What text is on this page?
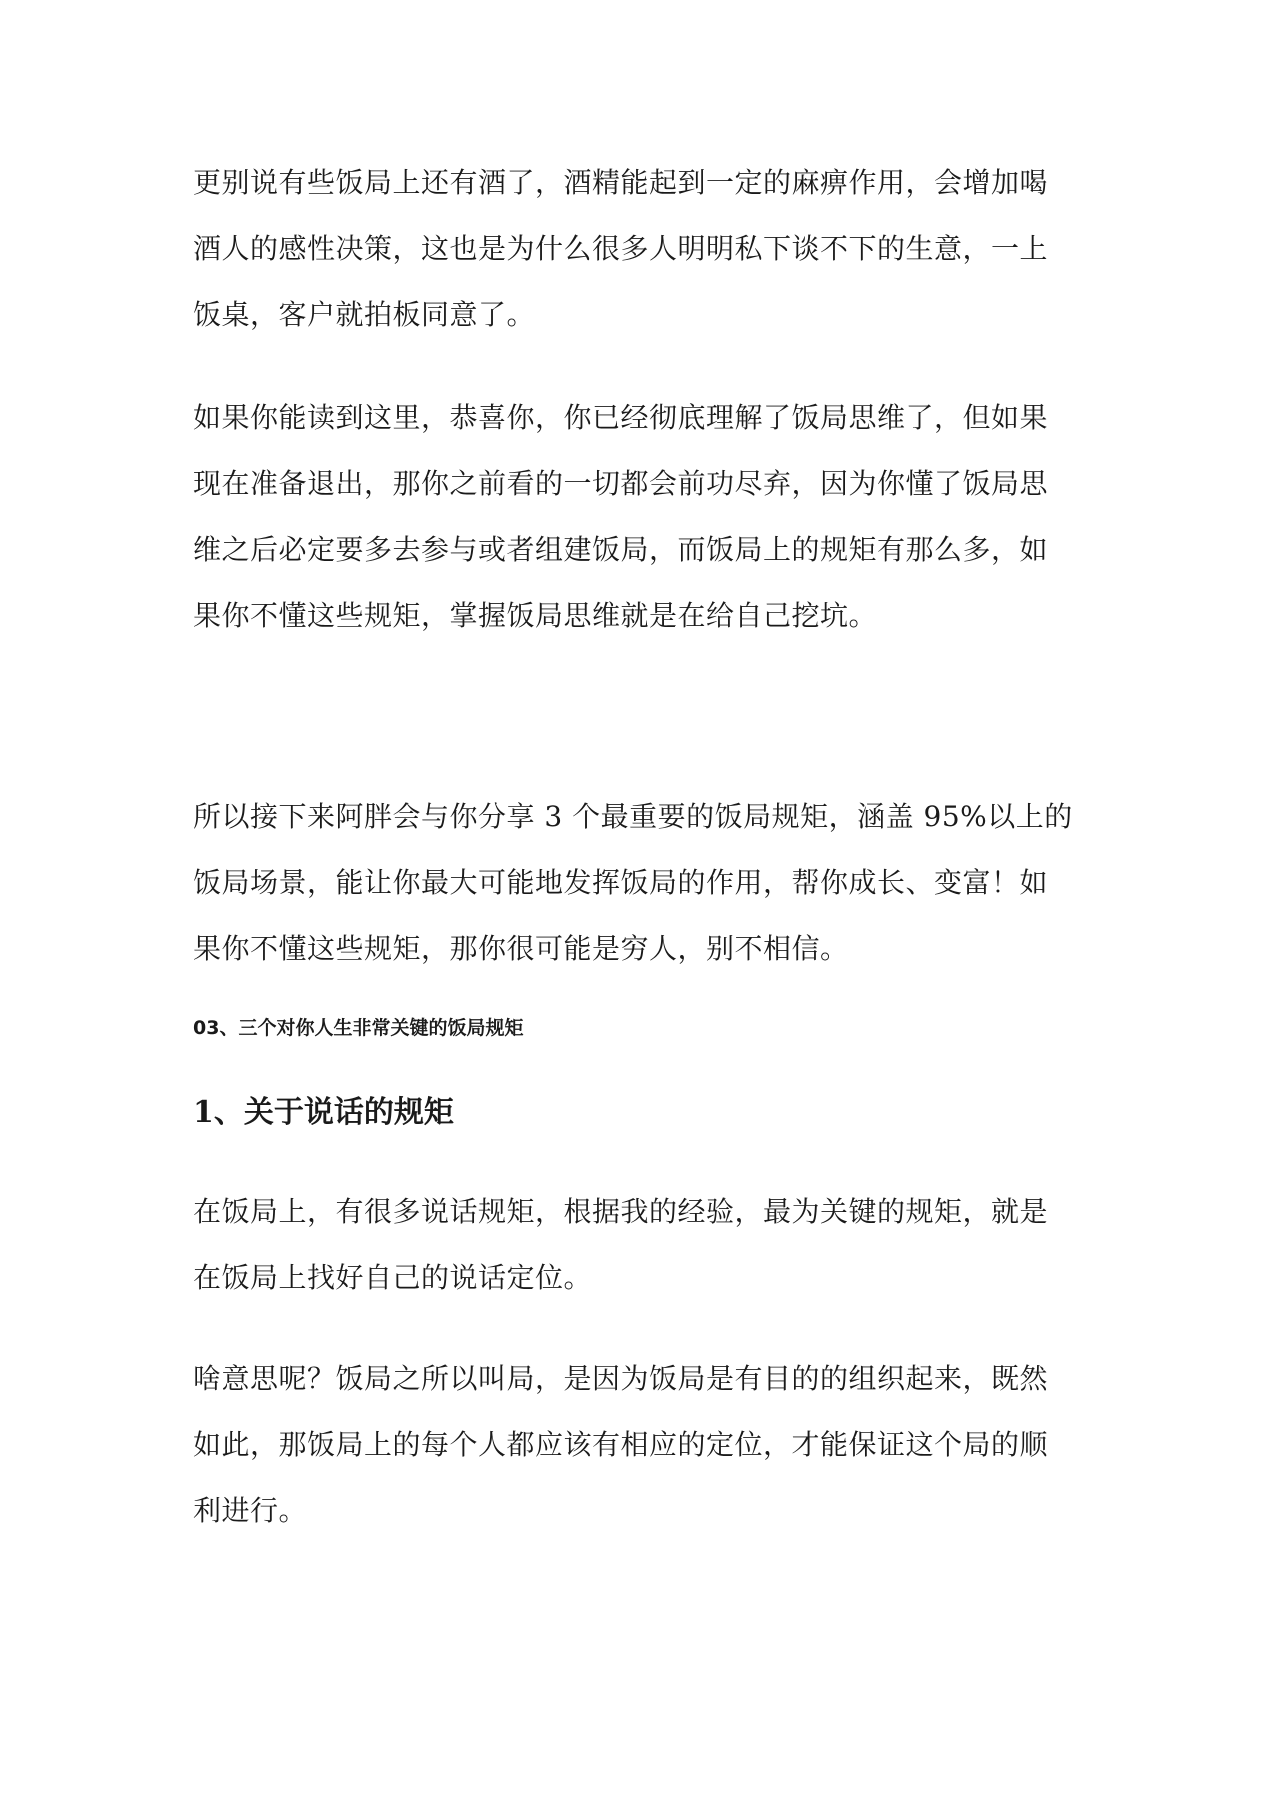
更别说有些饭局上还有酒了，酒精能起到一定的麻痹作用，会增加喝
酒人的感性决策，这也是为什么很多人明明私下谈不下的生意，一上
饭桌，客户就拍板同意了。

如果你能读到这里，恭喜你，你已经彻底理解了饭局思维了，但如果
现在准备退出，那你之前看的一切都会前功尽弃，因为你懂了饭局思
维之后必定要多去参与或者组建饭局，而饭局上的规矩有那么多，如
果你不懂这些规矩，掌握饭局思维就是在给自己挖坑。

所以接下来阿胖会与你分享 3 个最重要的饭局规矩，涵盖 95%以上的
饭局场景，能让你最大可能地发挥饭局的作用，帮你成长、变富！如
果你不懂这些规矩，那你很可能是穷人，别不相信。

03、三个对你人生非常关键的饭局规矩
1、关于说话的规矩

在饭局上，有很多说话规矩，根据我的经验，最为关键的规矩，就是
在饭局上找好自己的说话定位。

啥意思呢？饭局之所以叫局，是因为饭局是有目的的组织起来，既然
如此，那饭局上的每个人都应该有相应的定位，才能保证这个局的顺
利进行。
